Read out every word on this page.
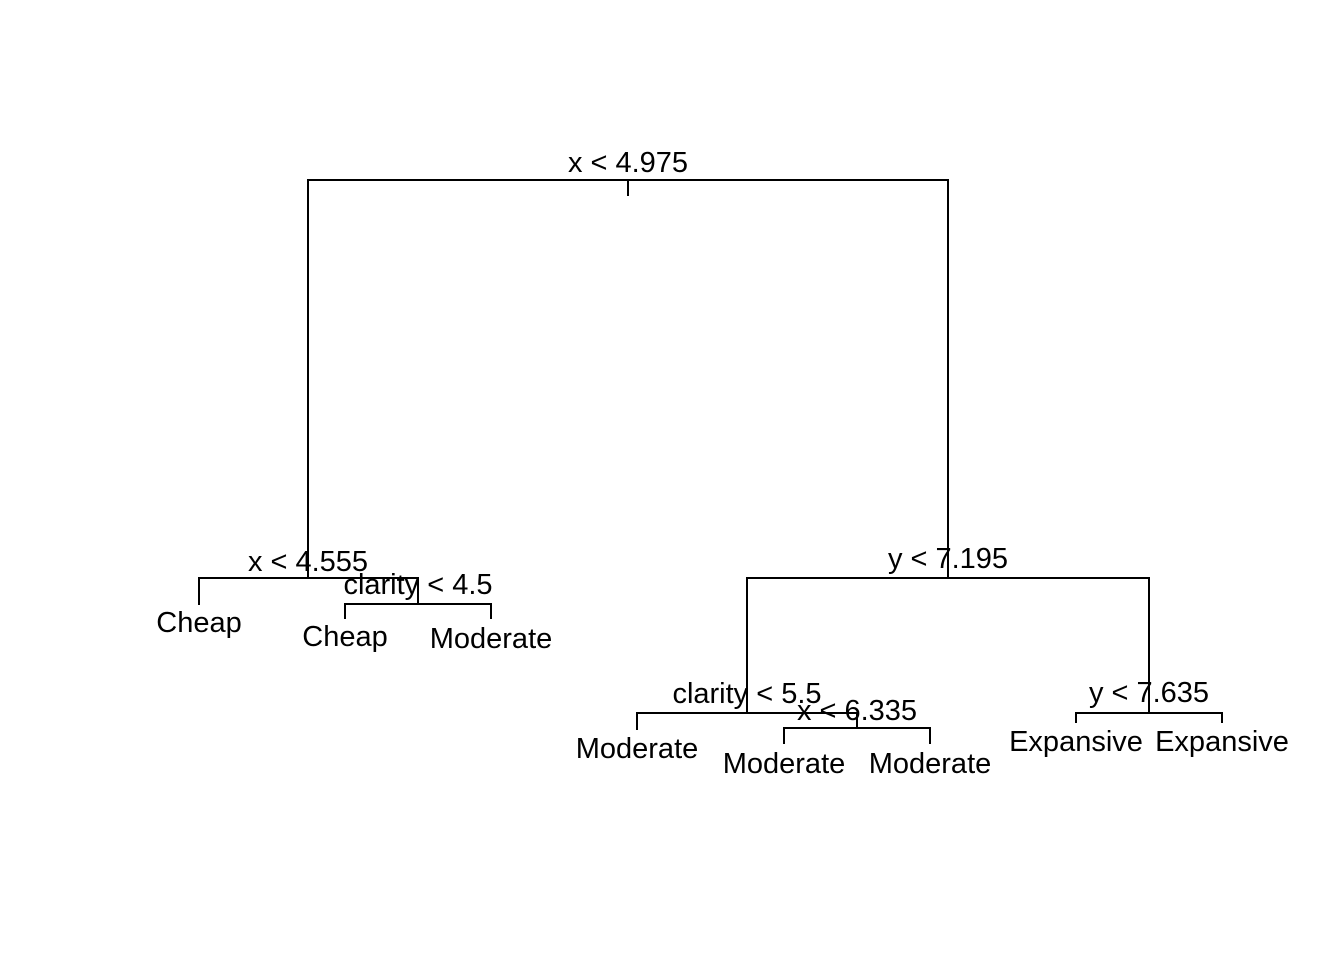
x < 4.975
x < 4.555
clarity < 4.5
y < 7.195
clarity < 5.5
x < 6.335
y < 7.635
Cheap Cheap Moderate
Moderate Moderate Moderate
Expansive Expansive
